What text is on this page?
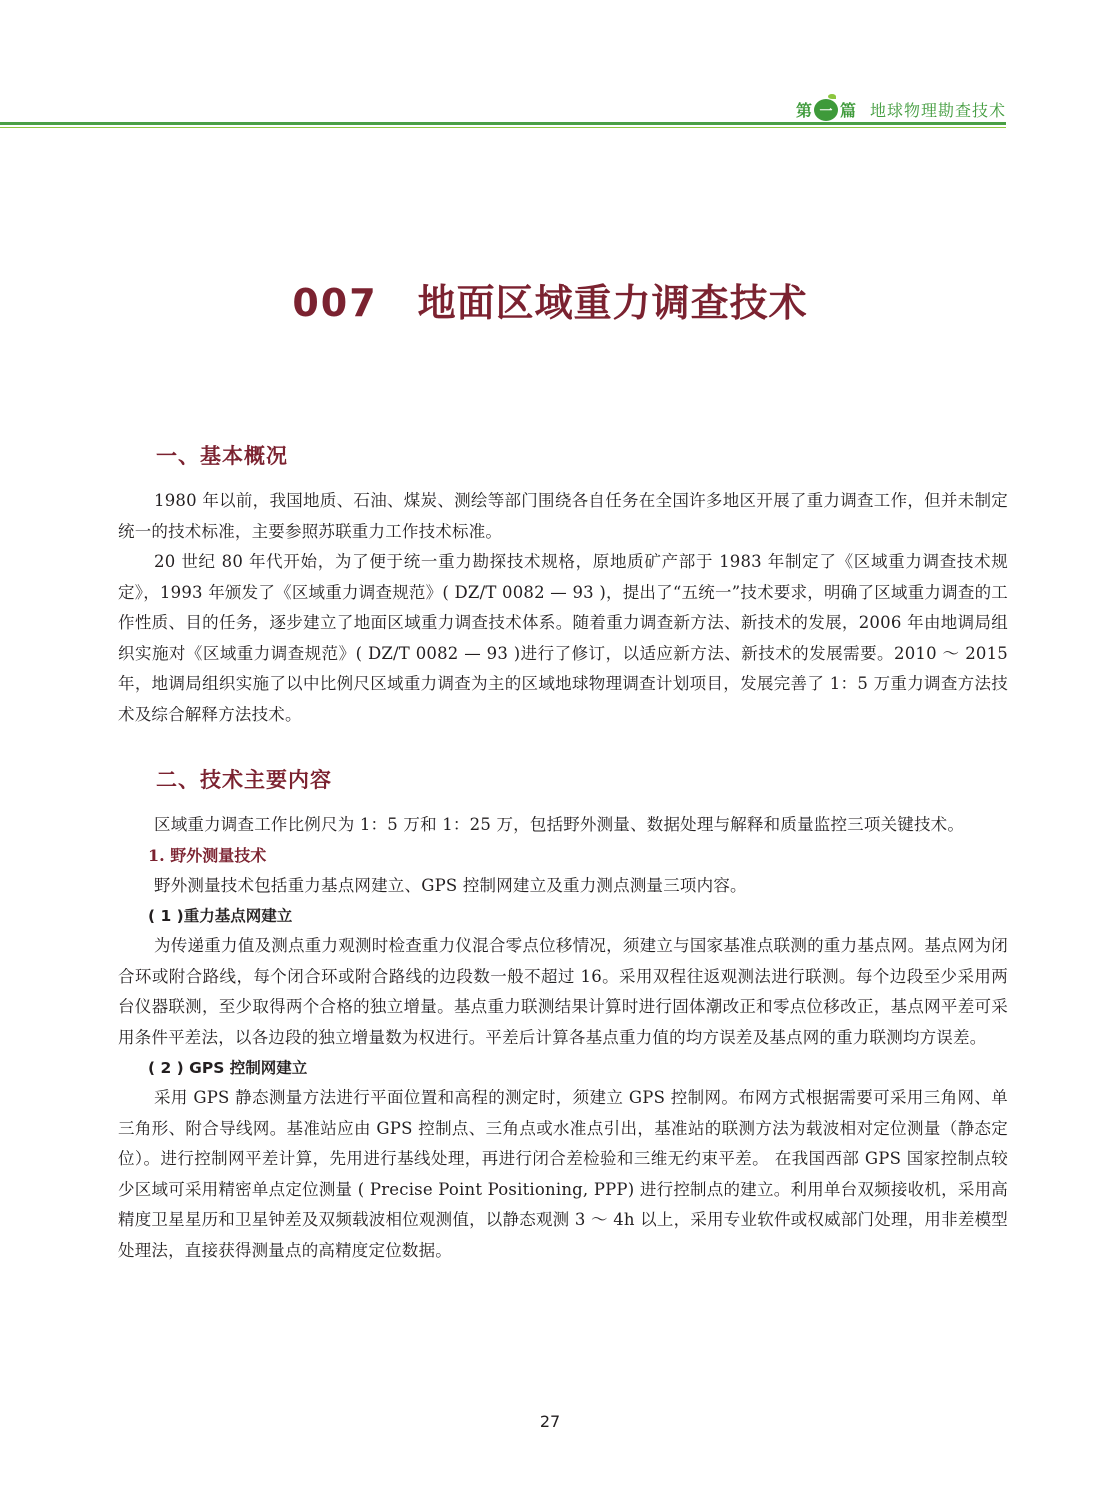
第 一 篇 地球物理勘查技术
007 地面区域重力调查技术
一、基本概况

1980 年以前，我国地质、石油、煤炭、测绘等部门围绕各自任务在全国许多地区开展了重力调查工作，但并未制定统一的技术标准，主要参照苏联重力工作技术标准。

20 世纪 80 年代开始，为了便于统一重力勘探技术规格，原地质矿产部于 1983 年制定了《区域重力调查技术规定》，1993 年颁发了《区域重力调查规范》( DZ/T 0082 — 93 )，提出了“五统一”技术要求，明确了区域重力调查的工作性质、目的任务，逐步建立了地面区域重力调查技术体系。随着重力调查新方法、新技术的发展，2006 年由地调局组织实施对《区域重力调查规范》( DZ/T 0082 — 93 )进行了修订，以适应新方法、新技术的发展需要。2010 ～ 2015 年，地调局组织实施了以中比例尺区域重力调查为主的区域地球物理调查计划项目，发展完善了 1：5 万重力调查方法技术及综合解释方法技术。

二、技术主要内容

区域重力调查工作比例尺为 1：5 万和 1：25 万，包括野外测量、数据处理与解释和质量监控三项关键技术。

1. 野外测量技术

野外测量技术包括重力基点网建立、GPS 控制网建立及重力测点测量三项内容。

( 1 )重力基点网建立

为传递重力值及测点重力观测时检查重力仪混合零点位移情况，须建立与国家基准点联测的重力基点网。基点网为闭合环或附合路线，每个闭合环或附合路线的边段数一般不超过 16。采用双程往返观测法进行联测。每个边段至少采用两台仪器联测，至少取得两个合格的独立增量。基点重力联测结果计算时进行固体潮改正和零点位移改正，基点网平差可采用条件平差法，以各边段的独立增量数为权进行。平差后计算各基点重力值的均方误差及基点网的重力联测均方误差。

( 2 ) GPS 控制网建立

采用 GPS 静态测量方法进行平面位置和高程的测定时，须建立 GPS 控制网。布网方式根据需要可采用三角网、单三角形、附合导线网。基准站应由 GPS 控制点、三角点或水准点引出，基准站的联测方法为载波相对定位测量（静态定位）。进行控制网平差计算，先用进行基线处理，再进行闭合差检验和三维无约束平差。 在我国西部 GPS 国家控制点较少区域可采用精密单点定位测量 ( Precise Point Positioning, PPP) 进行控制点的建立。利用单台双频接收机，采用高精度卫星星历和卫星钟差及双频载波相位观测值，以静态观测 3 ～ 4h 以上，采用专业软件或权威部门处理，用非差模型处理法，直接获得测量点的高精度定位数据。

27
